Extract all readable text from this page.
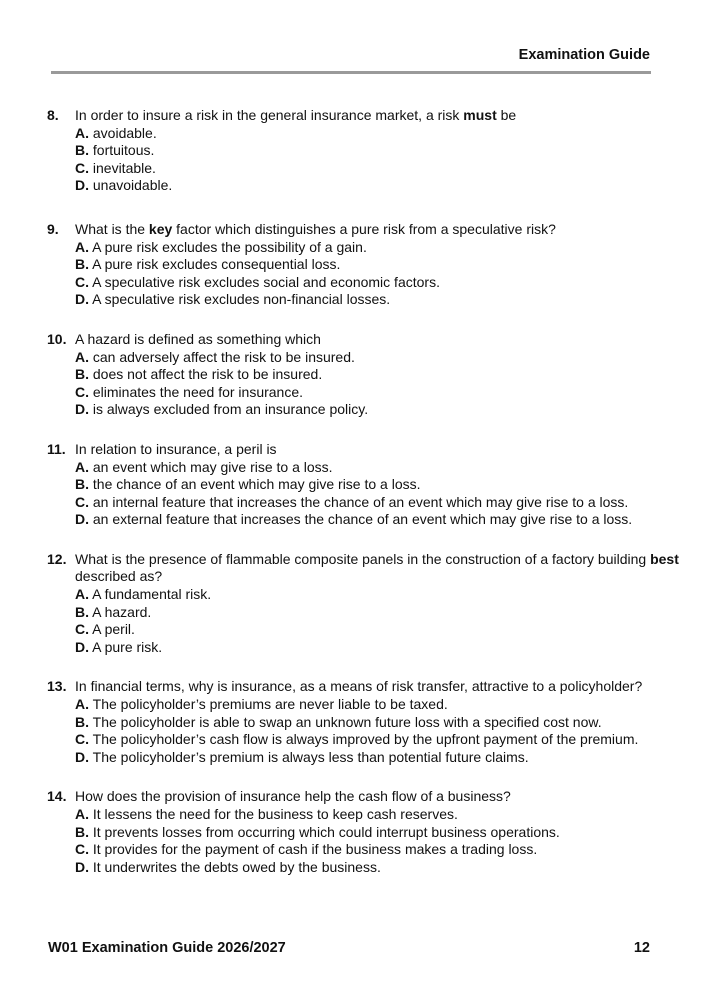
Examination Guide
8.	In order to insure a risk in the general insurance market, a risk must be
A. avoidable.
B. fortuitous.
C. inevitable.
D. unavoidable.
9.	What is the key factor which distinguishes a pure risk from a speculative risk?
A. A pure risk excludes the possibility of a gain.
B. A pure risk excludes consequential loss.
C. A speculative risk excludes social and economic factors.
D. A speculative risk excludes non-financial losses.
10. A hazard is defined as something which
A. can adversely affect the risk to be insured.
B. does not affect the risk to be insured.
C. eliminates the need for insurance.
D. is always excluded from an insurance policy.
11. In relation to insurance, a peril is
A. an event which may give rise to a loss.
B. the chance of an event which may give rise to a loss.
C. an internal feature that increases the chance of an event which may give rise to a loss.
D. an external feature that increases the chance of an event which may give rise to a loss.
12. What is the presence of flammable composite panels in the construction of a factory building best
described as?
A. A fundamental risk.
B. A hazard.
C. A peril.
D. A pure risk.
13. In financial terms, why is insurance, as a means of risk transfer, attractive to a policyholder?
A. The policyholder’s premiums are never liable to be taxed.
B. The policyholder is able to swap an unknown future loss with a specified cost now.
C. The policyholder’s cash flow is always improved by the upfront payment of the premium.
D. The policyholder’s premium is always less than potential future claims.
14. How does the provision of insurance help the cash flow of a business?
A. It lessens the need for the business to keep cash reserves.
B. It prevents losses from occurring which could interrupt business operations.
C. It provides for the payment of cash if the business makes a trading loss.
D. It underwrites the debts owed by the business.
W01 Examination Guide 2026/2027	12
